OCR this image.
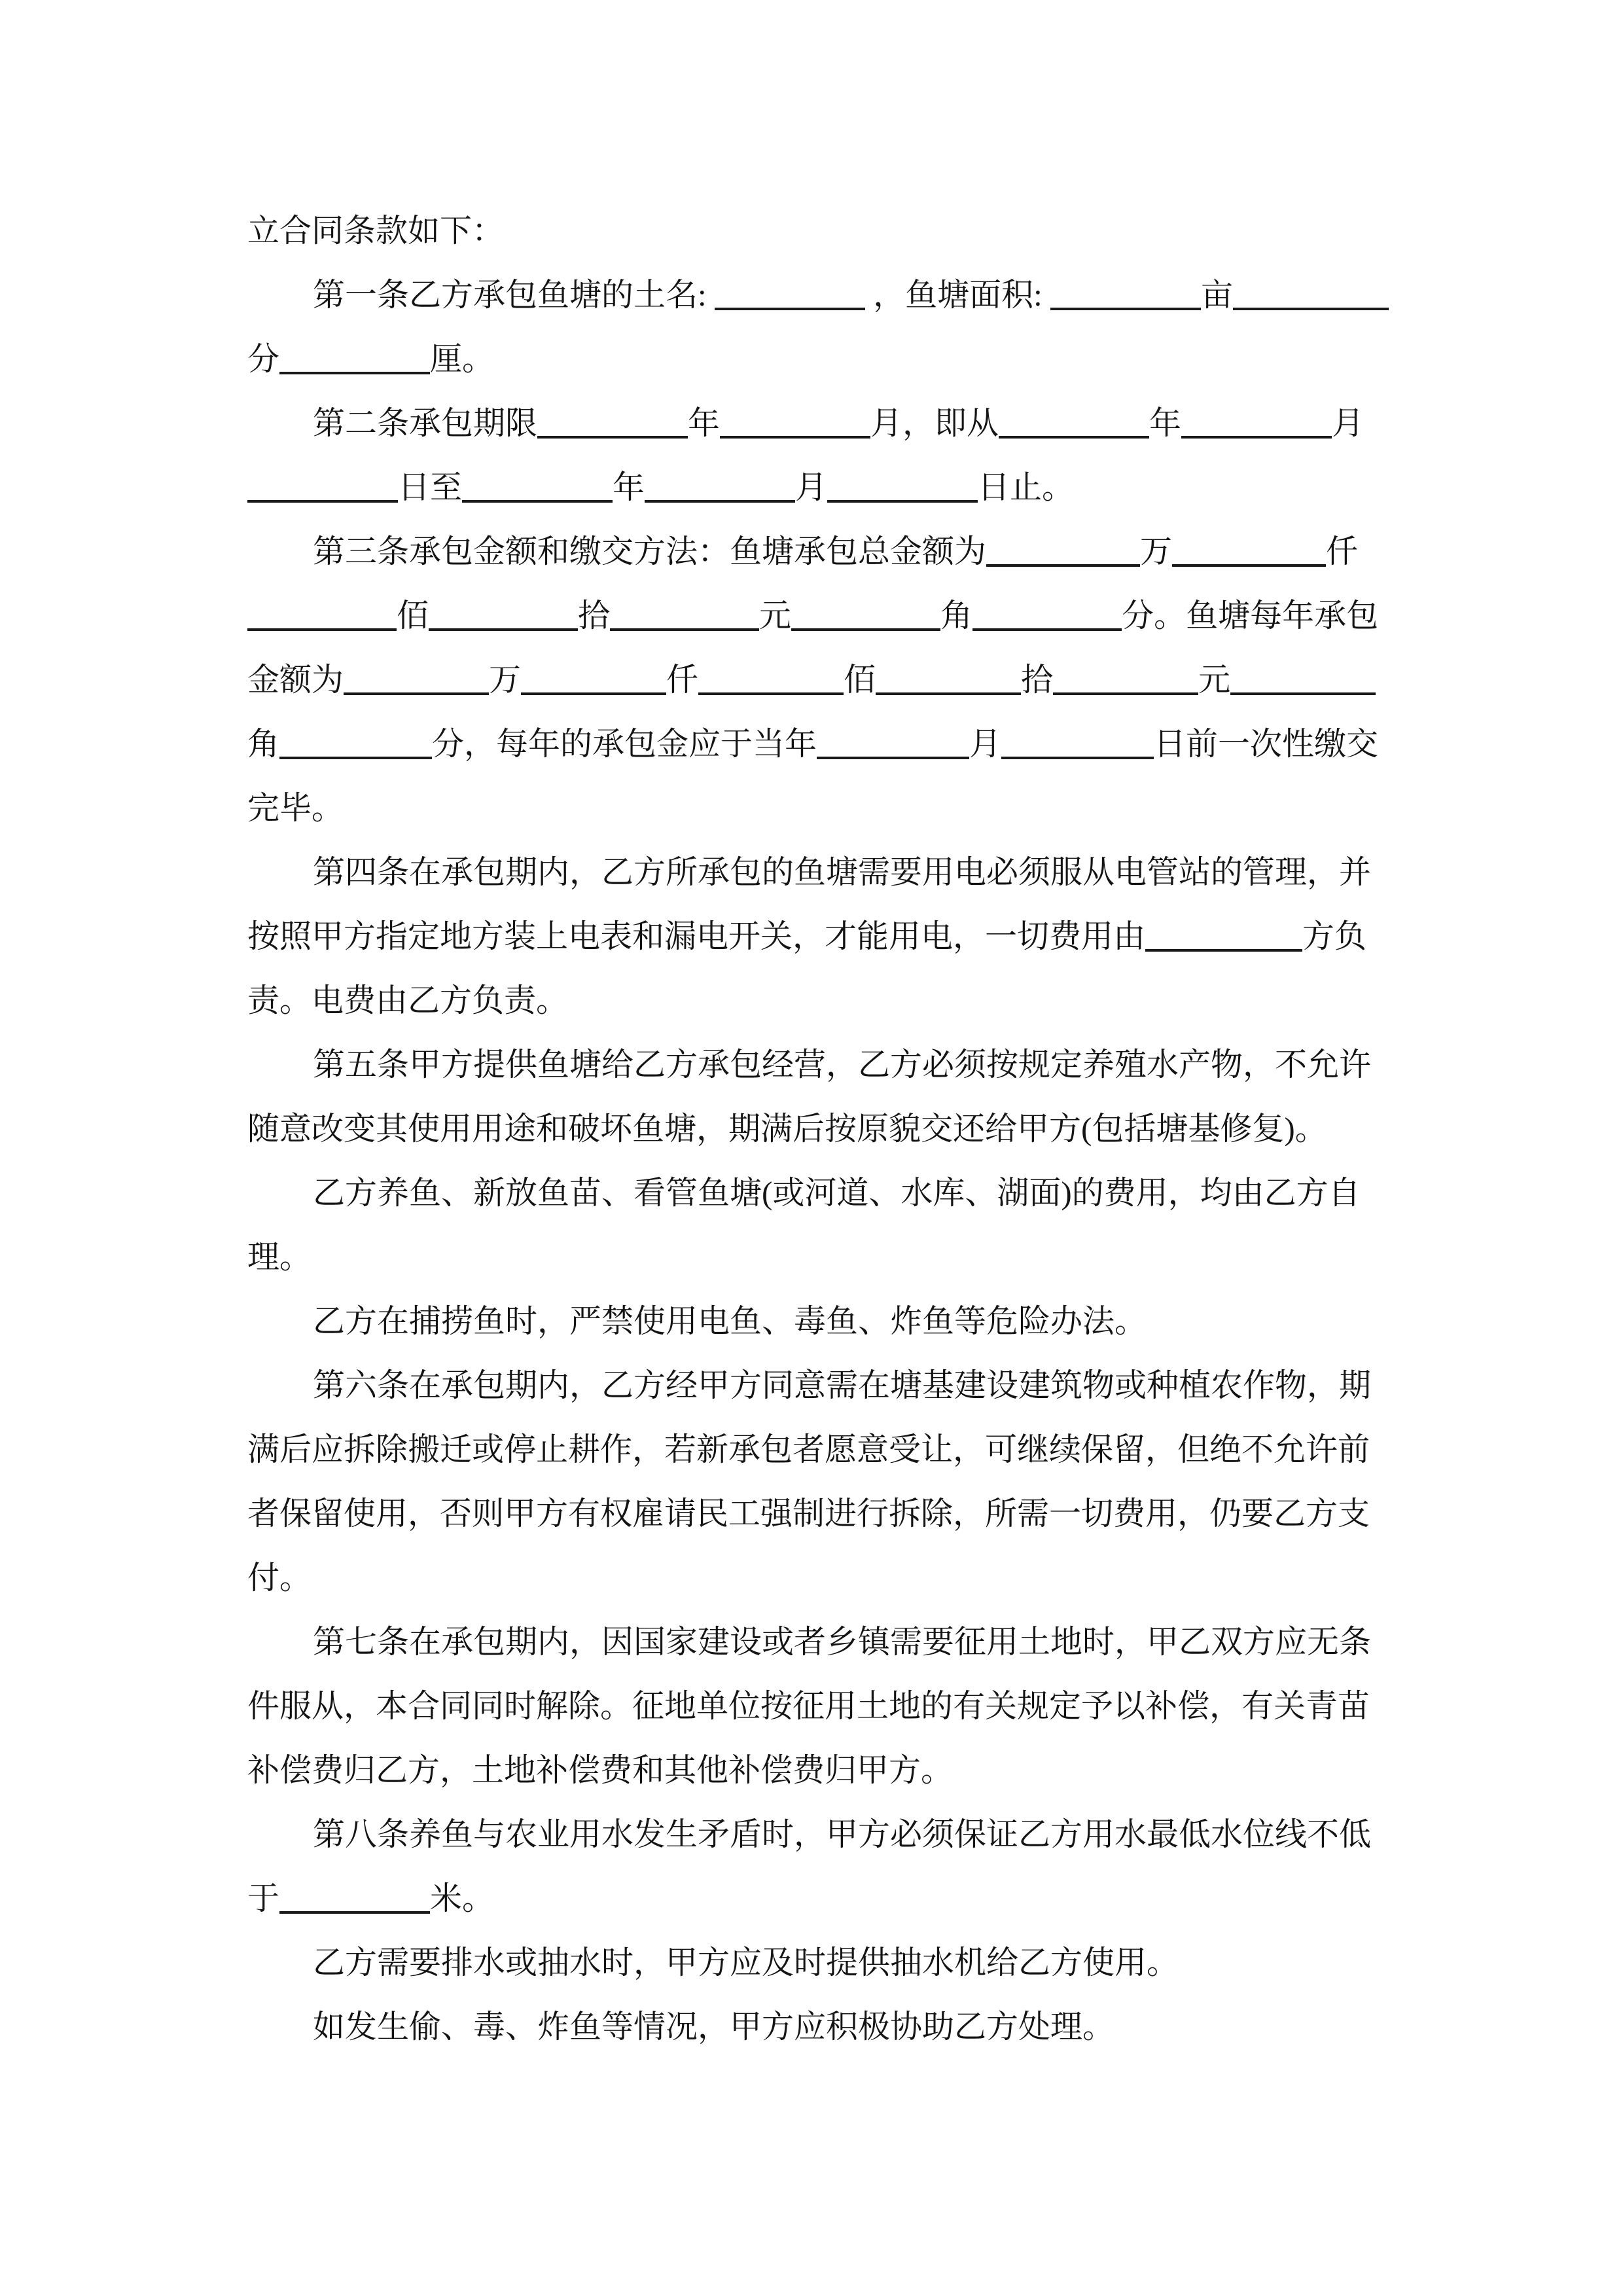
立合同条款如下：
第一条乙方承包鱼塘的土名:	，鱼塘面积:	亩
分	厘。
第二条承包期限	年	月，即从	年	月
日至	年	月	日止。
第三条承包金额和缴交方法：鱼塘承包总金额为	万	仟
佰	拾	元	角	分。鱼塘每年承包
金额为	万	仟	佰	拾	元
角	分，每年的承包金应于当年	月	日前一次性缴交
完毕。
第四条在承包期内，乙方所承包的鱼塘需要用电必须服从电管站的管理，并
按照甲方指定地方装上电表和漏电开关，才能用电，一切费用由	方负
责。电费由乙方负责。
第五条甲方提供鱼塘给乙方承包经营，乙方必须按规定养殖水产物，不允许
随意改变其使用用途和破坏鱼塘，期满后按原貌交还给甲方(包括塘基修复)。
乙方养鱼、新放鱼苗、看管鱼塘(或河道、水库、湖面)的费用，均由乙方自
理。
乙方在捕捞鱼时，严禁使用电鱼、毒鱼、炸鱼等危险办法。
第六条在承包期内，乙方经甲方同意需在塘基建设建筑物或种植农作物，期
满后应拆除搬迁或停止耕作，若新承包者愿意受让，可继续保留，但绝不允许前
者保留使用，否则甲方有权雇请民工强制进行拆除，所需一切费用，仍要乙方支
付。
第七条在承包期内，因国家建设或者乡镇需要征用土地时，甲乙双方应无条
件服从，本合同同时解除。征地单位按征用土地的有关规定予以补偿，有关青苗
补偿费归乙方，土地补偿费和其他补偿费归甲方。
第八条养鱼与农业用水发生矛盾时，甲方必须保证乙方用水最低水位线不低
于	米。
乙方需要排水或抽水时，甲方应及时提供抽水机给乙方使用。
如发生偷、毒、炸鱼等情况，甲方应积极协助乙方处理。
